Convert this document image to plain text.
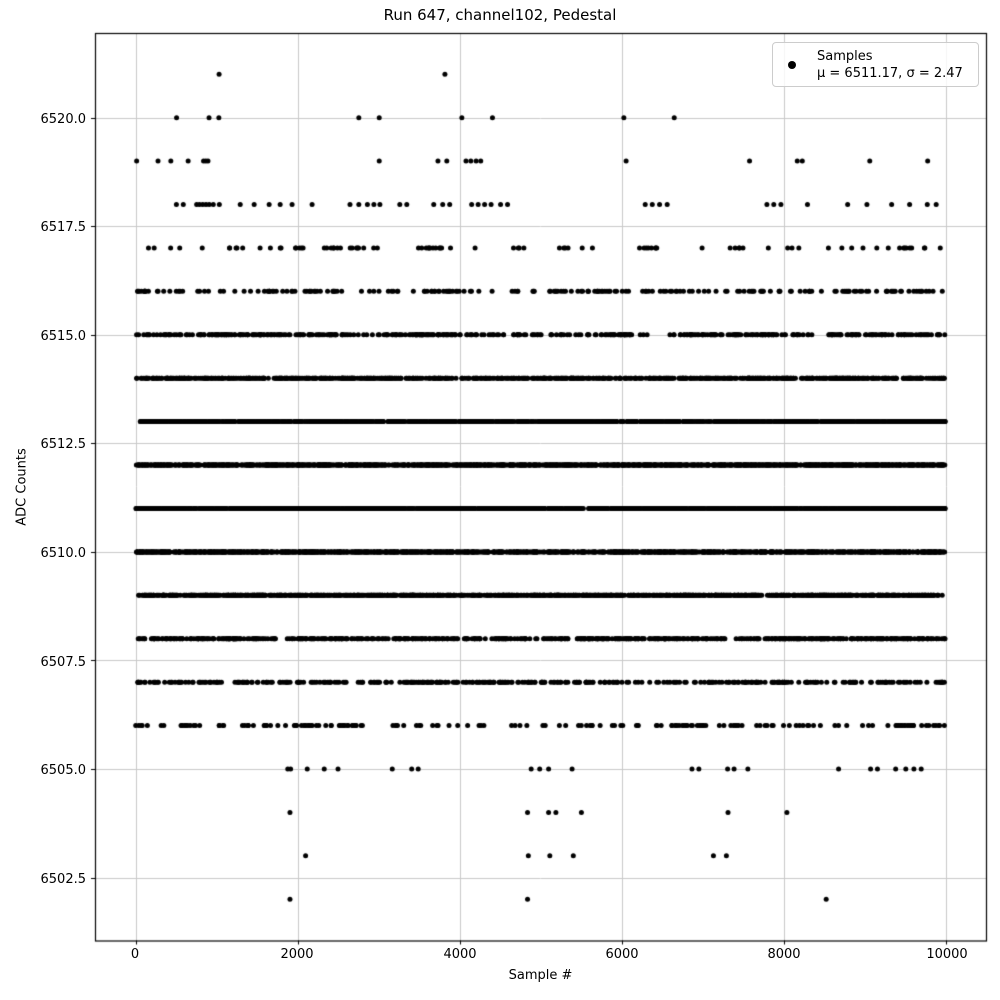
Run 647, channel102, Pedestal
6520.0
6517.5
6515.0
6512.5
6510.0
6507.5
6505.0
6502.5
0	2000	4000	6000	8000	10000
Sample #
ADC Counts
Samples
μ = 6511.17, σ = 2.47
